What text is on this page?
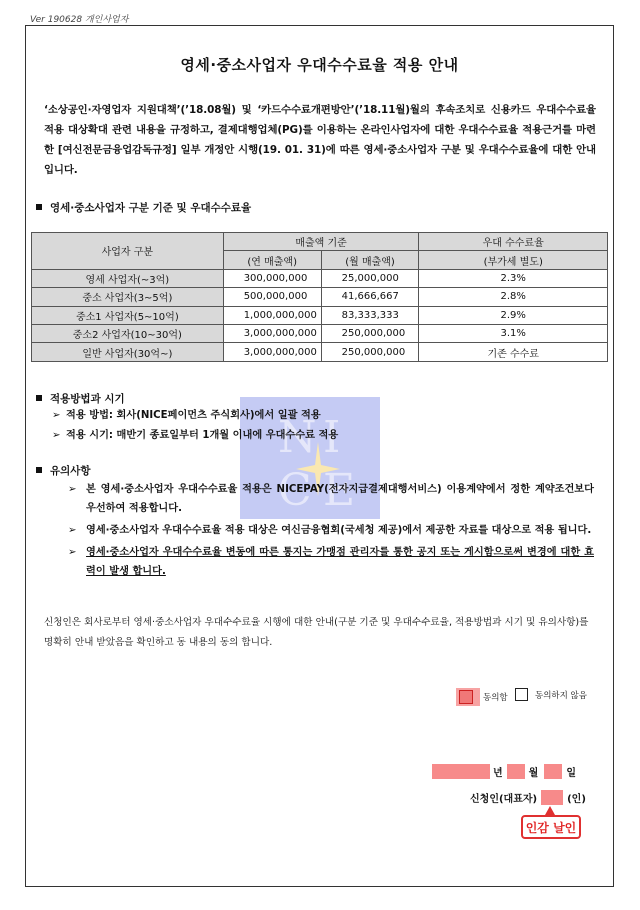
Ver 190628 개인사업자
영세·중소사업자 우대수수료율 적용 안내
‘소상공인·자영업자 지원대책’(’18.08월) 및 ‘카드수수료개편방안’(’18.11월)월의 후속조치로 신용카드 우대수수료율 적용 대상확대 관련 내용을 규정하고, 결제대행업체(PG)를 이용하는 온라인사업자에 대한 우대수수료율 적용근거를 마련한 [여신전문금융업감독규정] 일부 개정안 시행(19. 01. 31)에 따른 영세·중소사업자 구분 및 우대수수료율에 대한 안내 입니다.
영세·중소사업자 구분 기준 및 우대수수료율
사업자 구분	매출액 기준		우대 수수료율
	(연 매출액)	(월 매출액)	(부가세 별도)
영세 사업자(~3억)	300,000,000	25,000,000	2.3%
중소 사업자(3~5억)	500,000,000	41,666,667	2.8%
중소1 사업자(5~10억)	1,000,000,000	83,333,333	2.9%
중소2 사업자(10~30억)	3,000,000,000	250,000,000	3.1%
일반 사업자(30억~)	3,000,000,000	250,000,000	기존 수수료
적용방법과 시기
N I
C E
➢ 적용 방법: 회사(NICE페이먼츠 주식회사)에서 일괄 적용
➢ 적용 시기: 매반기 종료일부터 1개월 이내에 우대수수료 적용
유의사항
➢ 본 영세·중소사업자 우대수수료율 적용은 NICEPAY(전자지급결제대행서비스) 이용계약에서 정한 계약조건보다 우선하여 적용합니다.
➢ 영세·중소사업자 우대수수료율 적용 대상은 여신금융협회(국세청 제공)에서 제공한 자료를 대상으로 적용 됩니다.
➢ 영세·중소사업자 우대수수료율 변동에 따른 통지는 가맹점 관리자를 통한 공지 또는 게시함으로써 변경에 대한 효력이 발생 합니다.
신청인은 회사로부터 영세·중소사업자 우대수수료율 시행에 대한 안내(구분 기준 및 우대수수료율, 적용방법과 시기 및 유의사항)를 명확히 안내 받았음을 확인하고 동 내용의 동의 합니다.
동의함	동의하지 않음
년	월	일
신청인(대표자)	(인)
인감 날인
